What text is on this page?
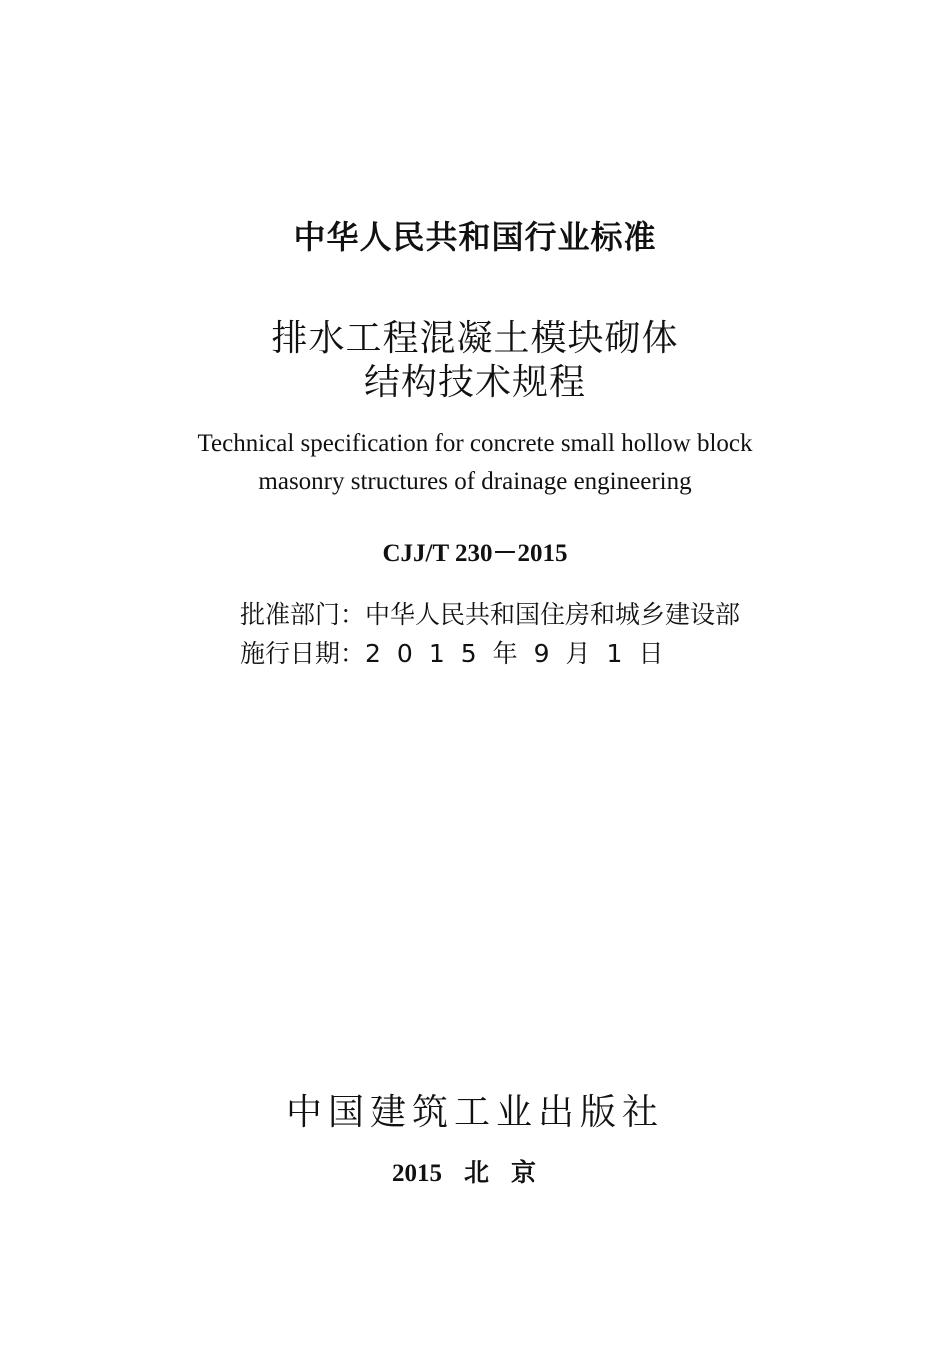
中华人民共和国行业标准
排水工程混凝土模块砌体
结构技术规程
Technical specification for concrete small hollow block
masonry structures of drainage engineering
CJJ/T 230－2015
批准部门：中华人民共和国住房和城乡建设部
施行日期：2015年9月1日
中国建筑工业出版社
2015 北京
